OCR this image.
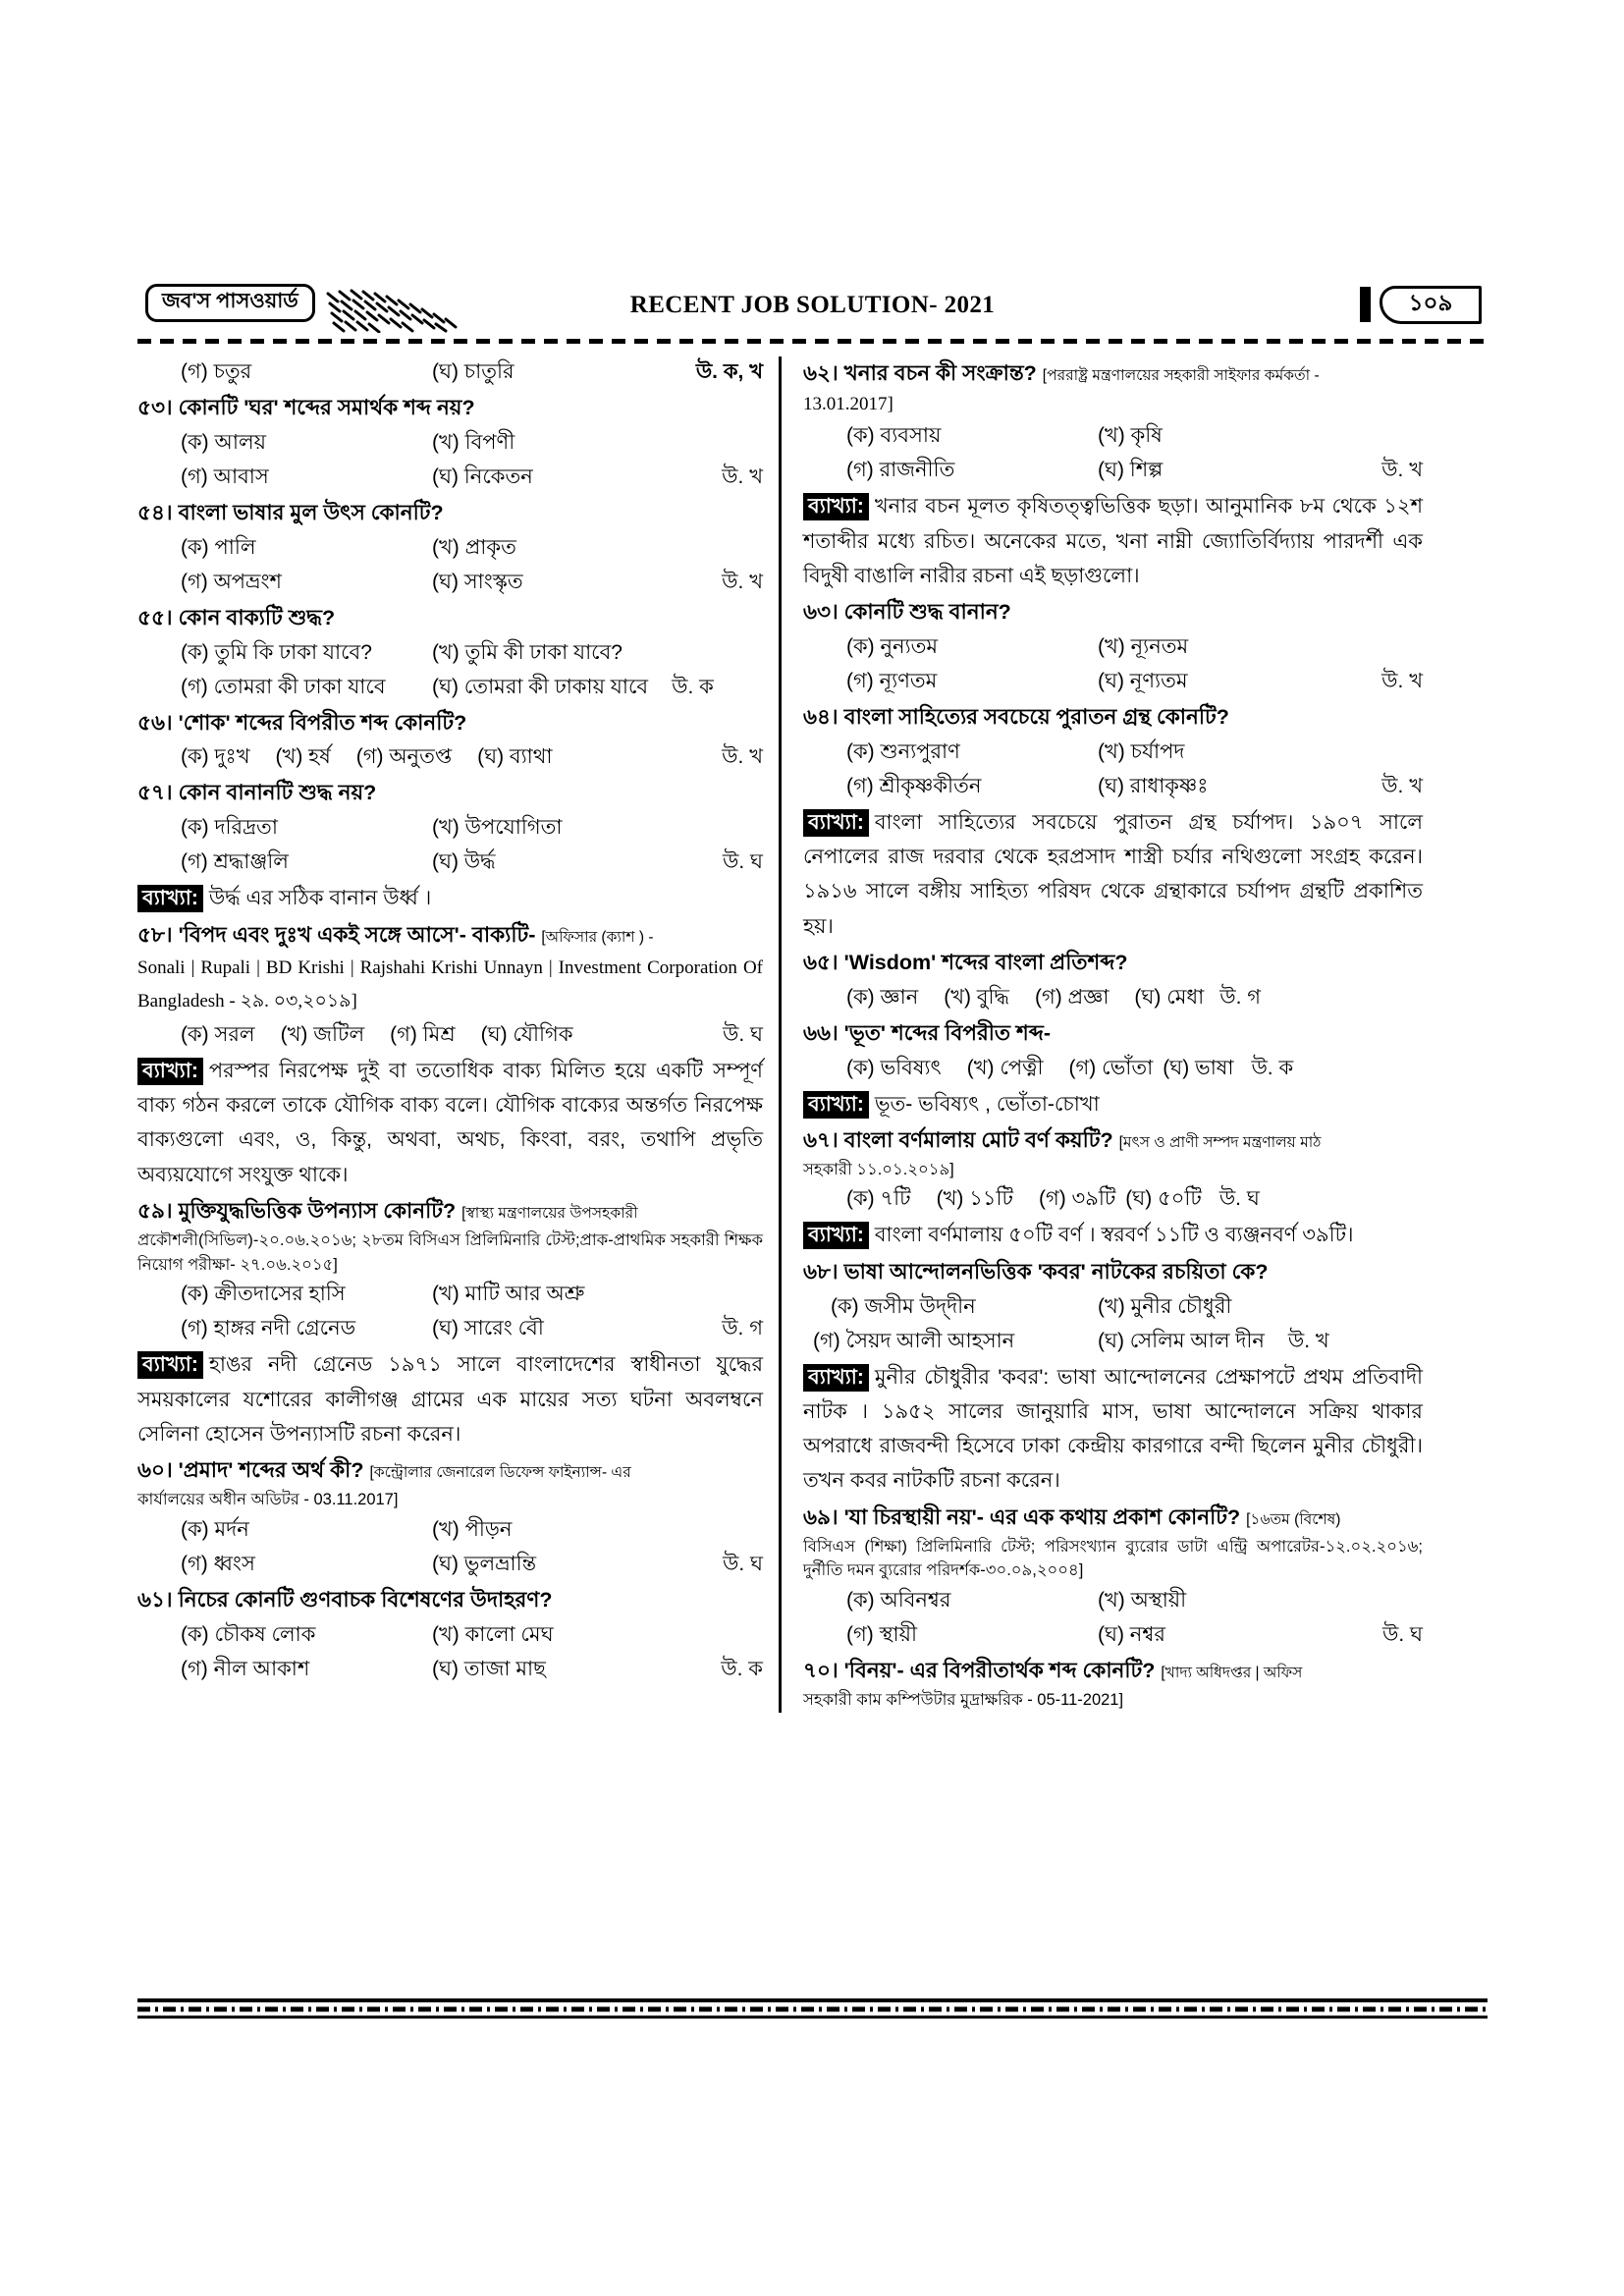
জব'স পাসওয়ার্ড	RECENT JOB SOLUTION- 2021	১০৯
(গ) চতুর	(ঘ) চাতুরি	উ. ক, খ
৫৩। কোনটি 'ঘর' শব্দের সমার্থক শব্দ নয়?
(ক) আলয়	(খ) বিপণী
(গ) আবাস	(ঘ) নিকেতন	উ. খ
৫৪। বাংলা ভাষার মুল উৎস কোনটি?
(ক) পালি	(খ) প্রাকৃত
(গ) অপভ্রংশ	(ঘ) সাংস্কৃত	উ. খ
৫৫। কোন বাক্যটি শুদ্ধ?
(ক) তুমি কি ঢাকা যাবে?	(খ) তুমি কী ঢাকা যাবে?
(গ) তোমরা কী ঢাকা যাবে	(ঘ) তোমরা কী ঢাকায় যাবে	উ. ক
৫৬। 'শোক' শব্দের বিপরীত শব্দ কোনটি?
(ক) দুঃখ (খ) হর্ষ (গ) অনুতপ্ত (ঘ) ব্যাথা	উ. খ
৫৭। কোন বানানটি শুদ্ধ নয়?
(ক) দরিদ্রতা	(খ) উপযোগিতা
(গ) শ্রদ্ধাঞ্জলি	(ঘ) উর্দ্ধ	উ. ঘ
ব্যাখ্যা: উর্দ্ধ এর সঠিক বানান উর্ধ্ব ।
৫৮। 'বিপদ এবং দুঃখ একই সঙ্গে আসে'- বাক্যটি- [অফিসার (ক্যাশ ) -
Sonali | Rupali | BD Krishi | Rajshahi Krishi Unnayn | Investment Corporation Of Bangladesh - ২৯. ০৩,২০১৯]
(ক) সরল (খ) জটিল (গ) মিশ্র (ঘ) যৌগিক	উ. ঘ
ব্যাখ্যা: পরস্পর নিরপেক্ষ দুই বা ততোধিক বাক্য মিলিত হয়ে একটি সম্পূর্ণ বাক্য গঠন করলে তাকে যৌগিক বাক্য বলে। যৌগিক বাক্যের অন্তর্গত নিরপেক্ষ বাক্যগুলো এবং, ও, কিন্তু, অথবা, অথচ, কিংবা, বরং, তথাপি প্রভৃতি অব্যয়যোগে সংযুক্ত থাকে।
৫৯। মুক্তিযুদ্ধভিত্তিক উপন্যাস কোনটি? [স্বাস্থ্য মন্ত্রণালয়ের উপসহকারী
প্রকৌশলী(সিভিল)-২০.০৬.২০১৬; ২৮তম বিসিএস প্রিলিমিনারি টেস্ট;প্রাক-প্রাথমিক সহকারী শিক্ষক নিয়োগ পরীক্ষা- ২৭.০৬.২০১৫]
(ক) ক্রীতদাসের হাসি	(খ) মাটি আর অশ্রু
(গ) হাঙ্গর নদী গ্রেনেড	(ঘ) সারেং বৌ	উ. গ
ব্যাখ্যা: হাঙর নদী গ্রেনেড ১৯৭১ সালে বাংলাদেশের স্বাধীনতা যুদ্ধের সময়কালের যশোরের কালীগঞ্জ গ্রামের এক মায়ের সত্য ঘটনা অবলম্বনে সেলিনা হোসেন উপন্যাসটি রচনা করেন।
৬০। 'প্রমাদ' শব্দের অর্থ কী? [কন্ট্রোলার জেনারেল ডিফেন্স ফাইন্যান্স- এর
কার্যালয়ের অধীন অডিটর - 03.11.2017]
(ক) মর্দন	(খ) পীড়ন
(গ) ধ্বংস	(ঘ) ভুলভ্রান্তি	উ. ঘ
৬১। নিচের কোনটি গুণবাচক বিশেষণের উদাহরণ?
(ক) চৌকষ লোক	(খ) কালো মেঘ
(গ) নীল আকাশ	(ঘ) তাজা মাছ	উ. ক
৬২। খনার বচন কী সংক্রান্ত? [পররাষ্ট্র মন্ত্রণালয়ের সহকারী সাইফার কর্মকর্তা -
13.01.2017]
(ক) ব্যবসায়	(খ) কৃষি
(গ) রাজনীতি	(ঘ) শিল্প	উ. খ
ব্যাখ্যা: খনার বচন মূলত কৃষিতত্ত্বভিত্তিক ছড়া। আনুমানিক ৮ম থেকে ১২শ শতাব্দীর মধ্যে রচিত। অনেকের মতে, খনা নাম্নী জ্যোতির্বিদ্যায় পারদর্শী এক বিদুষী বাঙালি নারীর রচনা এই ছড়াগুলো।
৬৩। কোনটি শুদ্ধ বানান?
(ক) নুন্যতম	(খ) ন্যূনতম
(গ) ন্যূণতম	(ঘ) নূণ্যতম	উ. খ
৬৪। বাংলা সাহিত্যের সবচেয়ে পুরাতন গ্রন্থ কোনটি?
(ক) শুন্যপুরাণ	(খ) চর্যাপদ
(গ) শ্রীকৃষ্ণকীর্তন	(ঘ) রাধাকৃষ্ণঃ	উ. খ
ব্যাখ্যা: বাংলা সাহিত্যের সবচেয়ে পুরাতন গ্রন্থ চর্যাপদ। ১৯০৭ সালে নেপালের রাজ দরবার থেকে হরপ্রসাদ শাস্ত্রী চর্যার নথিগুলো সংগ্রহ করেন। ১৯১৬ সালে বঙ্গীয় সাহিত্য পরিষদ থেকে গ্রন্থাকারে চর্যাপদ গ্রন্থটি প্রকাশিত হয়।
৬৫। 'Wisdom' শব্দের বাংলা প্রতিশব্দ?
(ক) জ্ঞান (খ) বুদ্ধি (গ) প্রজ্ঞা (ঘ) মেধা উ. গ
৬৬। 'ভূত' শব্দের বিপরীত শব্দ-
(ক) ভবিষ্যৎ (খ) পেত্নী (গ) ভোঁতা (ঘ) ভাষা উ. ক
ব্যাখ্যা: ভূত- ভবিষ্যৎ , ভোঁতা-চোখা
৬৭। বাংলা বর্ণমালায় মোট বর্ণ কয়টি? [মৎস ও প্রাণী সম্পদ মন্ত্রণালয় মাঠ
সহকারী ১১.০১.২০১৯]
(ক) ৭টি (খ) ১১টি (গ) ৩৯টি (ঘ) ৫০টি উ. ঘ
ব্যাখ্যা: বাংলা বর্ণমালায় ৫০টি বর্ণ । স্বরবর্ণ ১১টি ও ব্যঞ্জনবর্ণ ৩৯টি।
৬৮। ভাষা আন্দোলনভিত্তিক 'কবর' নাটকের রচয়িতা কে?
(ক) জসীম উদ্​দীন	(খ) মুনীর চৌধুরী
(গ) সৈয়দ আলী আহসান	(ঘ) সেলিম আল দীন	উ. খ
ব্যাখ্যা: মুনীর চৌধুরীর 'কবর': ভাষা আন্দোলনের প্রেক্ষাপটে প্রথম প্রতিবাদী নাটক । ১৯৫২ সালের জানুয়ারি মাস, ভাষা আন্দোলনে সক্রিয় থাকার অপরাধে রাজবন্দী হিসেবে ঢাকা কেন্দ্রীয় কারগারে বন্দী ছিলেন মুনীর চৌধুরী। তখন কবর নাটকটি রচনা করেন।
৬৯। 'যা চিরস্থায়ী নয়'- এর এক কথায় প্রকাশ কোনটি? [১৬তম (বিশেষ)
বিসিএস (শিক্ষা) প্রিলিমিনারি টেস্ট; পরিসংখ্যান ব্যুরোর ডাটা এন্ট্রি অপারেটর-১২.০২.২০১৬; দুর্নীতি দমন ব্যুরোর পরিদর্শক-৩০.০৯,২০০৪]
(ক) অবিনশ্বর	(খ) অস্থায়ী
(গ) স্থায়ী	(ঘ) নশ্বর	উ. ঘ
৭০। 'বিনয়'- এর বিপরীতার্থক শব্দ কোনটি? [খাদ্য অধিদপ্তর | অফিস
সহকারী কাম কম্পিউটার মুদ্রাক্ষরিক - 05-11-2021]
